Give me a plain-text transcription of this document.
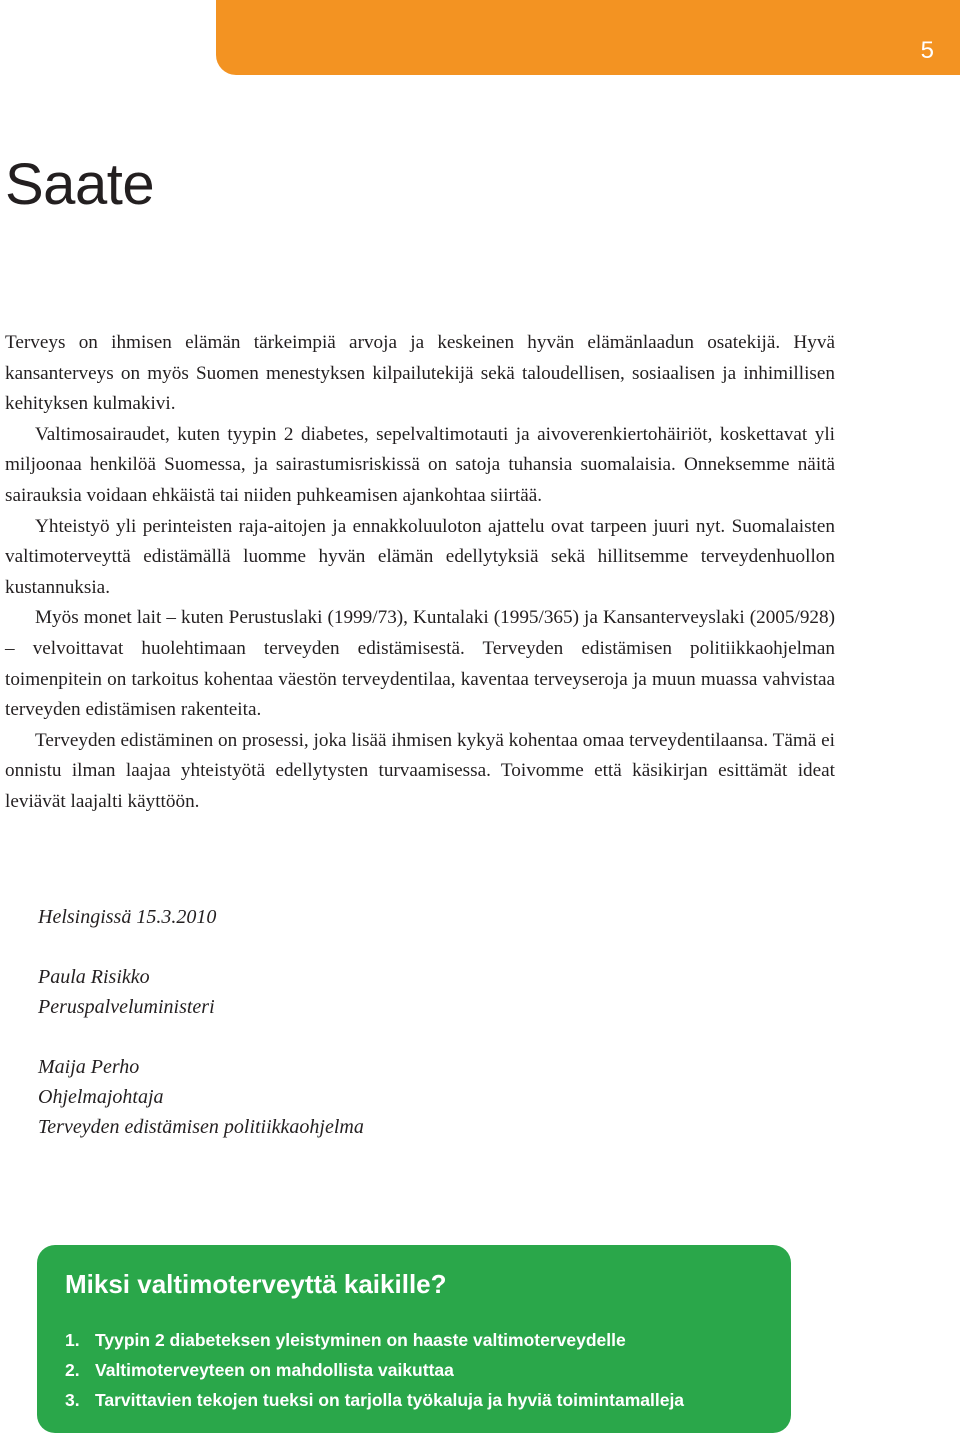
5
Saate

Terveys on ihmisen elämän tärkeimpiä arvoja ja keskeinen hyvän elämänlaadun osatekijä. Hyvä kansanterveys on myös Suomen menestyksen kilpailutekijä sekä taloudellisen, sosiaalisen ja inhimillisen kehityksen kulmakivi.

Valtimosairaudet, kuten tyypin 2 diabetes, sepelvaltimotauti ja aivoverenkiertohäiriöt, koskettavat yli miljoonaa henkilöä Suomessa, ja sairastumisriskissä on satoja tuhansia suomalaisia. Onneksemme näitä sairauksia voidaan ehkäistä tai niiden puhkeamisen ajankohtaa siirtää.

Yhteistyö yli perinteisten raja-aitojen ja ennakkoluuloton ajattelu ovat tarpeen juuri nyt. Suomalaisten valtimoterveyttä edistämällä luomme hyvän elämän edellytyksiä sekä hillitsemme terveydenhuollon kustannuksia.

Myös monet lait – kuten Perustuslaki (1999/73), Kuntalaki (1995/365) ja Kansanterveyslaki (2005/928) – velvoittavat huolehtimaan terveyden edistämisestä. Terveyden edistämisen politiikkaohjelman toimenpitein on tarkoitus kohentaa väestön terveydentilaa, kaventaa terveyseroja ja muun muassa vahvistaa terveyden edistämisen rakenteita.

Terveyden edistäminen on prosessi, joka lisää ihmisen kykyä kohentaa omaa terveydentilaansa. Tämä ei onnistu ilman laajaa yhteistyötä edellytysten turvaamisessa. Toivomme että käsikirjan esittämät ideat leviävät laajalti käyttöön.

Helsingissä 15.3.2010
Paula Risikko
Peruspalveluministeri
Maija Perho
Ohjelmajohtaja
Terveyden edistämisen politiikkaohjelma
Miksi valtimoterveyttä kaikille?
1. Tyypin 2 diabeteksen yleistyminen on haaste valtimoterveydelle
2. Valtimoterveyteen on mahdollista vaikuttaa
3. Tarvittavien tekojen tueksi on tarjolla työkaluja ja hyviä toimintamalleja
